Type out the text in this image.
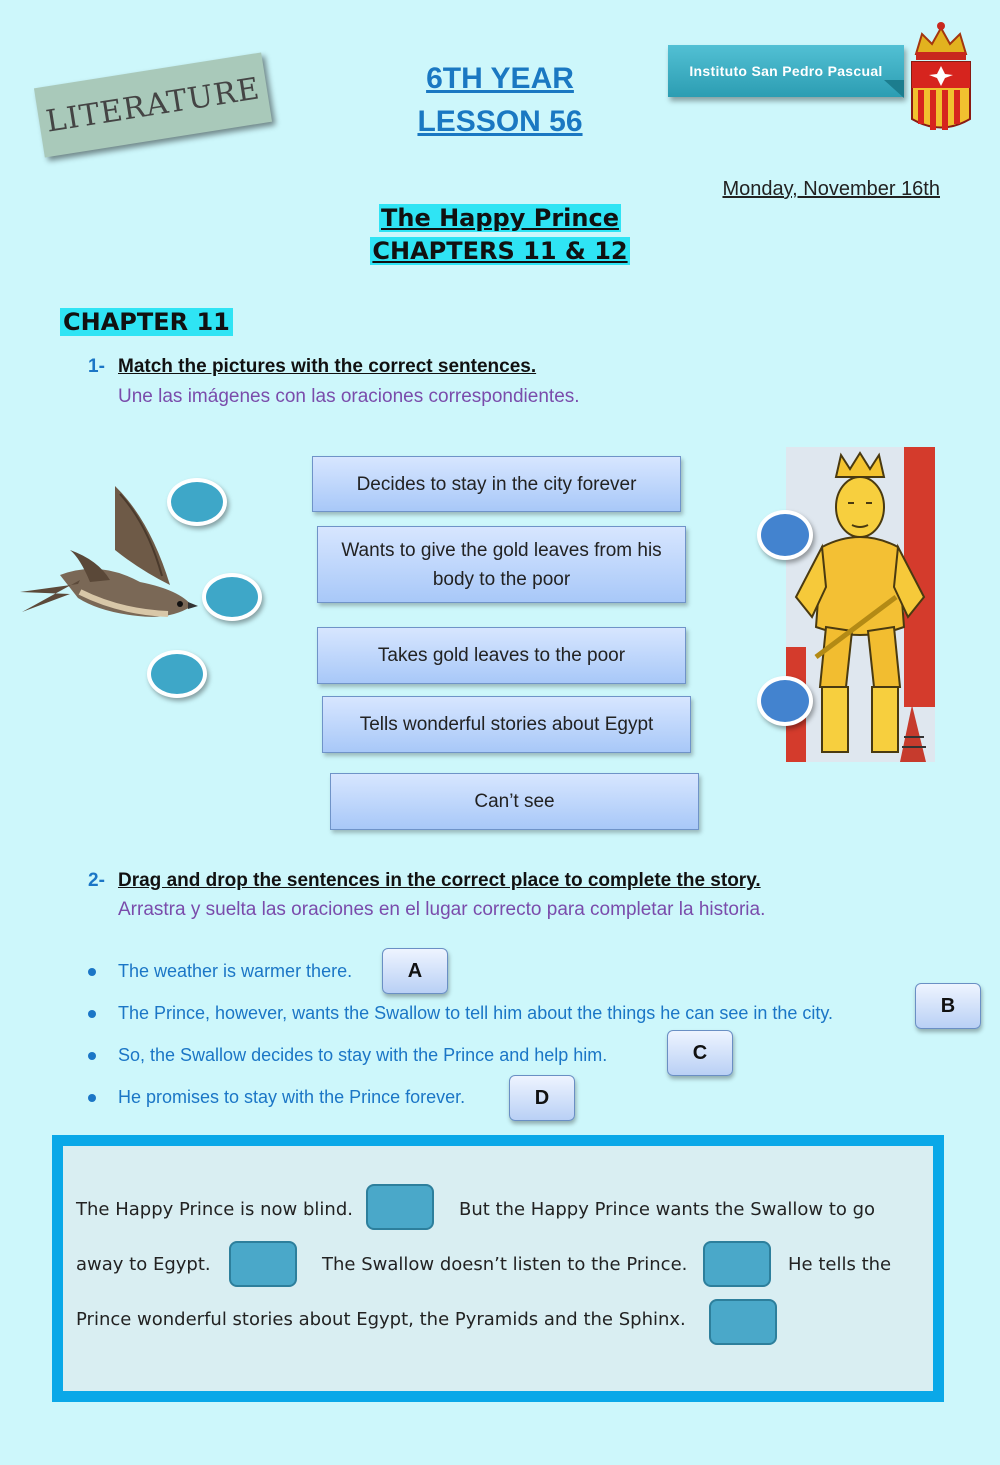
LITERATURE	6TH YEAR
LESSON 56
Instituto San Pedro Pascual
Monday, November 16th
The Happy Prince
CHAPTERS 11 & 12
CHAPTER 11
1- Match the pictures with the correct sentences.
Une las imágenes con las oraciones correspondientes.
Decides to stay in the city forever
Wants to give the gold leaves from his body to the poor
Takes gold leaves to the poor
Tells wonderful stories about Egypt
Can’t see
2- Drag and drop the sentences in the correct place to complete the story.
Arrastra y suelta las oraciones en el lugar correcto para completar la historia.
The weather is warmer there.	A
The Prince, however, wants the Swallow to tell him about the things he can see in the city.	B
So, the Swallow decides to stay with the Prince and help him.	C
He promises to stay with the Prince forever.	D
The Happy Prince is now blind.	But the Happy Prince wants the Swallow to go
away to Egypt.	The Swallow doesn’t listen to the Prince.	He tells the
Prince wonderful stories about Egypt, the Pyramids and the Sphinx.
